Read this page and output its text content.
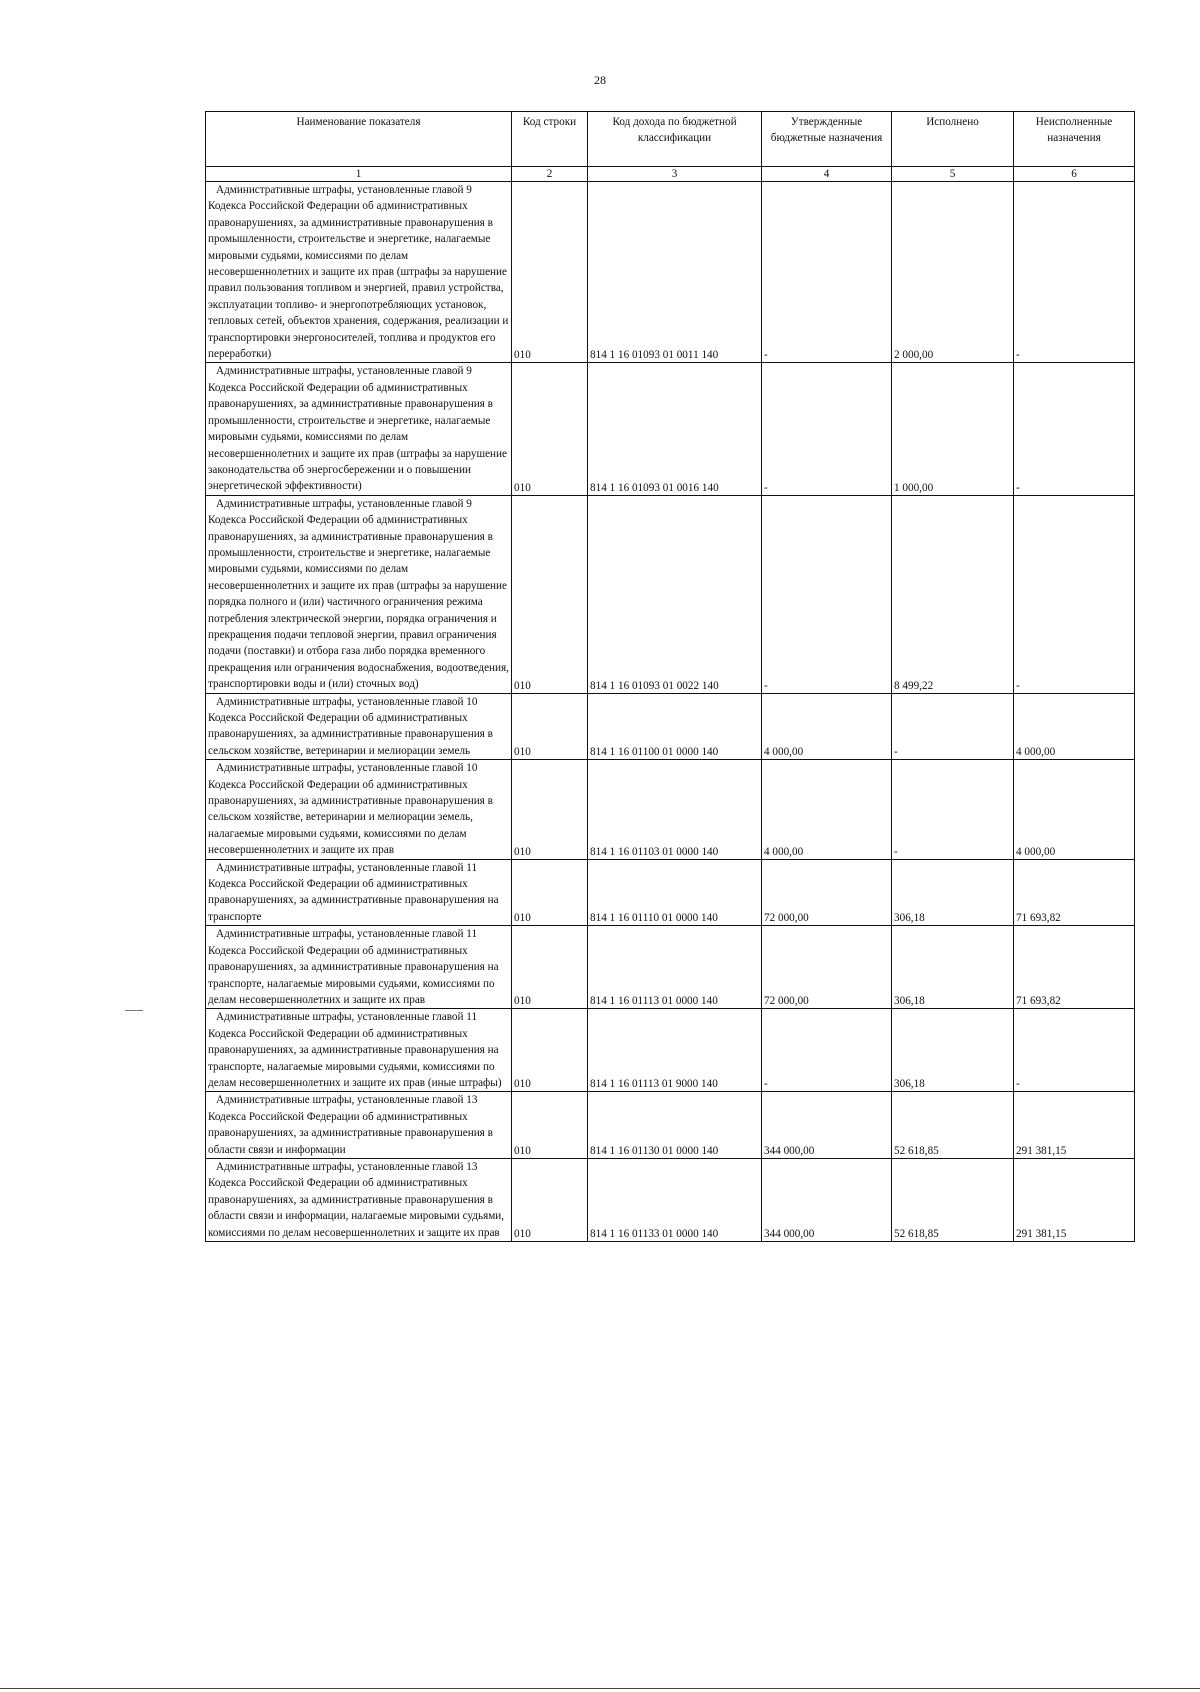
28
Наименование показателя	Код строки	Код дохода по бюджетной классификации	Утвержденные бюджетные назначения	Исполнено	Неисполненные назначения
1	2	3	4	5	6
Административные штрафы, установленные главой 9 Кодекса Российской Федерации об административных правонарушениях, за административные правонарушения в промышленности, строительстве и энергетике, налагаемые мировыми судьями, комиссиями по делам несовершеннолетних и защите их прав (штрафы за нарушение правил пользования топливом и энергией, правил устройства, эксплуатации топливо- и энергопотребляющих установок, тепловых сетей, объектов хранения, содержания, реализации и транспортировки энергоносителей, топлива и продуктов его переработки)	010	814 1 16 01093 01 0011 140	-	2 000,00	-
Административные штрафы, установленные главой 9 Кодекса Российской Федерации об административных правонарушениях, за административные правонарушения в промышленности, строительстве и энергетике, налагаемые мировыми судьями, комиссиями по делам несовершеннолетних и защите их прав (штрафы за нарушение законодательства об энергосбережении и о повышении энергетической эффективности)	010	814 1 16 01093 01 0016 140	-	1 000,00	-
Административные штрафы, установленные главой 9 Кодекса Российской Федерации об административных правонарушениях, за административные правонарушения в промышленности, строительстве и энергетике, налагаемые мировыми судьями, комиссиями по делам несовершеннолетних и защите их прав (штрафы за нарушение порядка полного и (или) частичного ограничения режима потребления электрической энергии, порядка ограничения и прекращения подачи тепловой энергии, правил ограничения подачи (поставки) и отбора газа либо порядка временного прекращения или ограничения водоснабжения, водоотведения, транспортировки воды и (или) сточных вод)	010	814 1 16 01093 01 0022 140	-	8 499,22	-
Административные штрафы, установленные главой 10 Кодекса Российской Федерации об административных правонарушениях, за административные правонарушения в сельском хозяйстве, ветеринарии и мелиорации земель	010	814 1 16 01100 01 0000 140	4 000,00	-	4 000,00
Административные штрафы, установленные главой 10 Кодекса Российской Федерации об административных правонарушениях, за административные правонарушения в сельском хозяйстве, ветеринарии и мелиорации земель, налагаемые мировыми судьями, комиссиями по делам несовершеннолетних и защите их прав	010	814 1 16 01103 01 0000 140	4 000,00	-	4 000,00
Административные штрафы, установленные главой 11 Кодекса Российской Федерации об административных правонарушениях, за административные правонарушения на транспорте	010	814 1 16 01110 01 0000 140	72 000,00	306,18	71 693,82
Административные штрафы, установленные главой 11 Кодекса Российской Федерации об административных правонарушениях, за административные правонарушения на транспорте, налагаемые мировыми судьями, комиссиями по делам несовершеннолетних и защите их прав	010	814 1 16 01113 01 0000 140	72 000,00	306,18	71 693,82
Административные штрафы, установленные главой 11 Кодекса Российской Федерации об административных правонарушениях, за административные правонарушения на транспорте, налагаемые мировыми судьями, комиссиями по делам несовершеннолетних и защите их прав (иные штрафы)	010	814 1 16 01113 01 9000 140	-	306,18	-
Административные штрафы, установленные главой 13 Кодекса Российской Федерации об административных правонарушениях, за административные правонарушения в области связи и информации	010	814 1 16 01130 01 0000 140	344 000,00	52 618,85	291 381,15
Административные штрафы, установленные главой 13 Кодекса Российской Федерации об административных правонарушениях, за административные правонарушения в области связи и информации, налагаемые мировыми судьями, комиссиями по делам несовершеннолетних и защите их прав	010	814 1 16 01133 01 0000 140	344 000,00	52 618,85	291 381,15
